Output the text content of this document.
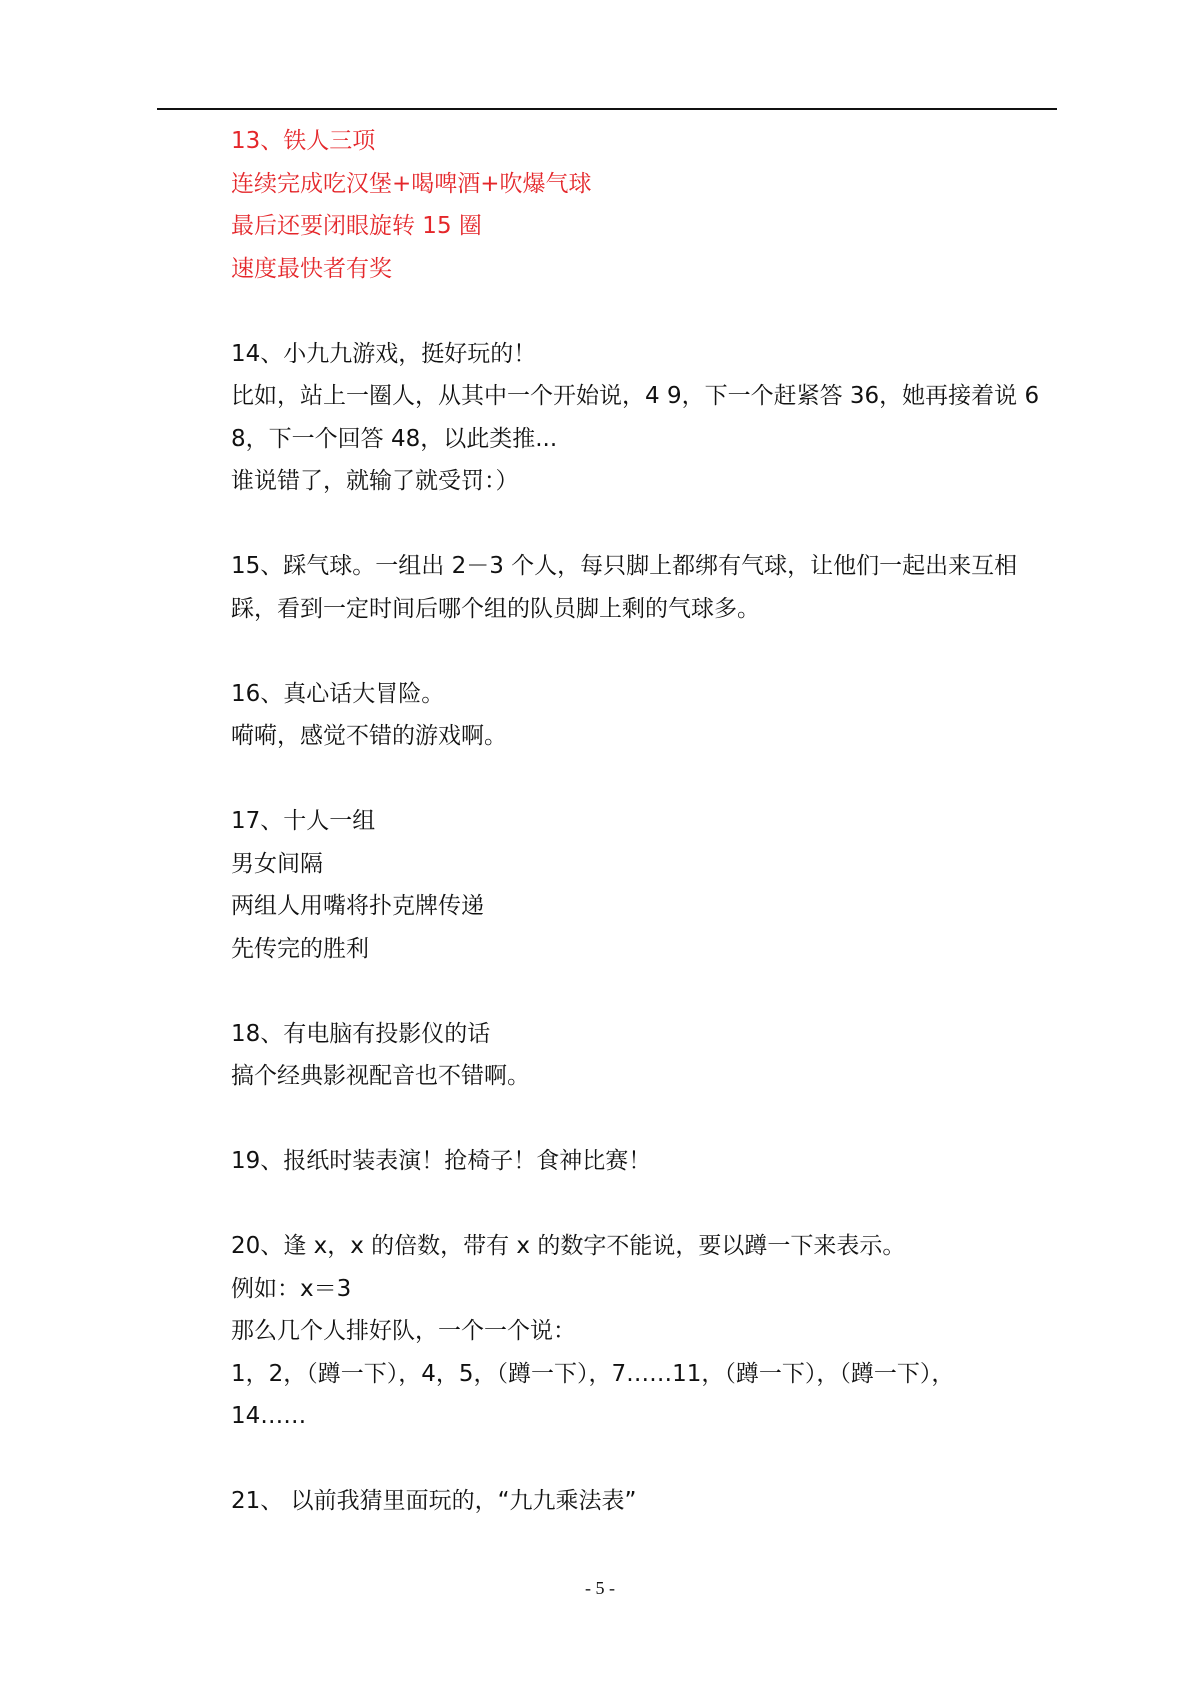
13、铁人三项
连续完成吃汉堡+喝啤酒+吹爆气球
最后还要闭眼旋转 15 圈
速度最快者有奖
14、小九九游戏，挺好玩的！
比如，站上一圈人，从其中一个开始说，4 9，下一个赶紧答 36，她再接着说 6
8，下一个回答 48，以此类推...
谁说错了，就输了就受罚：）
15、踩气球。一组出 2－3 个人，每只脚上都绑有气球，让他们一起出来互相
踩，看到一定时间后哪个组的队员脚上剩的气球多。
16、真心话大冒险。
嗬嗬，感觉不错的游戏啊。
17、十人一组
男女间隔
两组人用嘴将扑克牌传递
先传完的胜利
18、有电脑有投影仪的话
搞个经典影视配音也不错啊。
19、报纸时装表演！抢椅子！食神比赛！
20、逢 x，x 的倍数，带有 x 的数字不能说，要以蹲一下来表示。
例如：x＝3
那么几个人排好队，一个一个说：
1，2，（蹲一下），4，5，（蹲一下），7……11，（蹲一下），（蹲一下），
14……
21、 以前我猜里面玩的，“九九乘法表”
- 5 -
